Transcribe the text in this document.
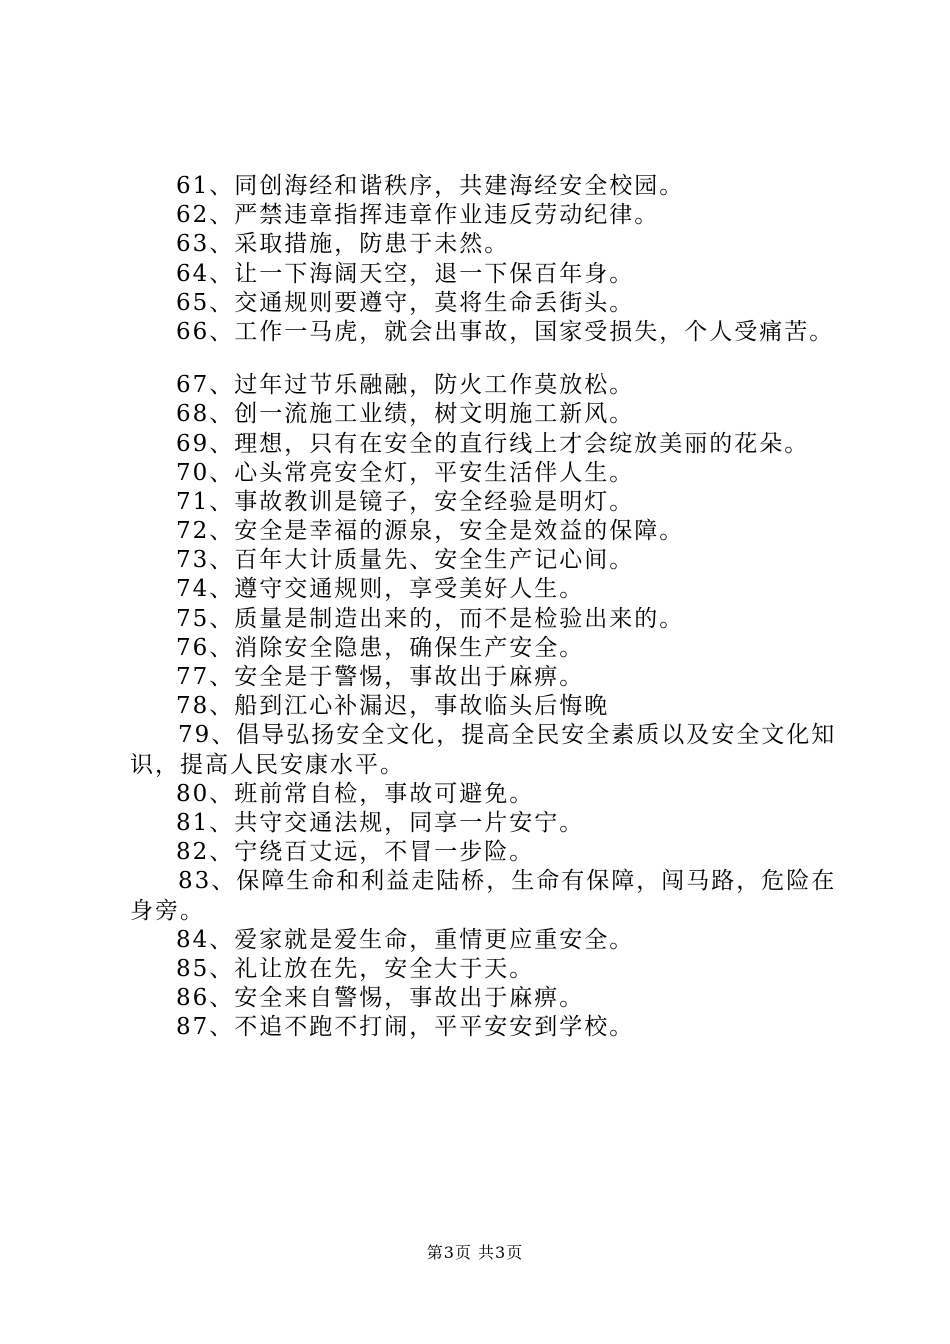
61、同创海经和谐秩序，共建海经安全校园。
62、严禁违章指挥违章作业违反劳动纪律。
63、采取措施，防患于未然。
64、让一下海阔天空，退一下保百年身。
65、交通规则要遵守，莫将生命丢街头。
66、工作一马虎，就会出事故，国家受损失，个人受痛苦。
67、过年过节乐融融，防火工作莫放松。
68、创一流施工业绩，树文明施工新风。
69、理想，只有在安全的直行线上才会绽放美丽的花朵。
70、心头常亮安全灯，平安生活伴人生。
71、事故教训是镜子，安全经验是明灯。
72、安全是幸福的源泉，安全是效益的保障。
73、百年大计质量先、安全生产记心间。
74、遵守交通规则，享受美好人生。
75、质量是制造出来的，而不是检验出来的。
76、消除安全隐患，确保生产安全。
77、安全是于警惕，事故出于麻痹。
78、船到江心补漏迟，事故临头后悔晚
79、倡导弘扬安全文化，提高全民安全素质以及安全文化知识，提高人民安康水平。
80、班前常自检，事故可避免。
81、共守交通法规，同享一片安宁。
82、宁绕百丈远，不冒一步险。
83、保障生命和利益走陆桥，生命有保障，闯马路，危险在身旁。
84、爱家就是爱生命，重情更应重安全。
85、礼让放在先，安全大于天。
86、安全来自警惕，事故出于麻痹。
87、不追不跑不打闹，平平安安到学校。
第3页 共3页
